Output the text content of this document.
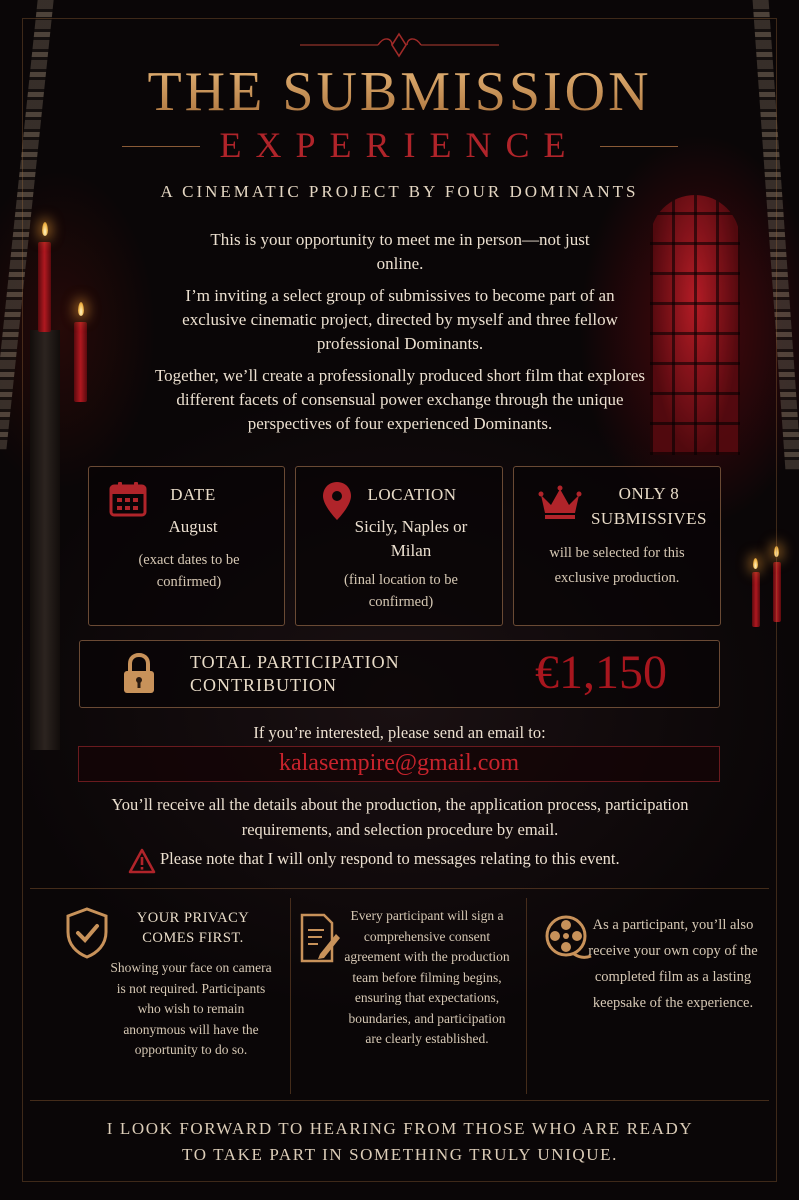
THE SUBMISSION
EXPERIENCE
A CINEMATIC PROJECT BY FOUR DOMINANTS
This is your opportunity to meet me in person—not just online.
I’m inviting a select group of submissives to become part of an exclusive cinematic project, directed by myself and three fellow professional Dominants.
Together, we’ll create a professionally produced short film that explores different facets of consensual power exchange through the unique perspectives of four experienced Dominants.
DATE
August
(exact dates to be confirmed)
LOCATION
Sicily, Naples or Milan
(final location to be confirmed)
ONLY 8 SUBMISSIVES
will be selected for this exclusive production.
TOTAL PARTICIPATION CONTRIBUTION	€1,150
If you’re interested, please send an email to:
kalasempire@gmail.com
You’ll receive all the details about the production, the application process, participation requirements, and selection procedure by email.
Please note that I will only respond to messages relating to this event.
YOUR PRIVACY COMES FIRST.
Showing your face on camera is not required. Participants who wish to remain anonymous will have the opportunity to do so.
Every participant will sign a comprehensive consent agreement with the production team before filming begins, ensuring that expectations, boundaries, and participation are clearly established.
As a participant, you’ll also receive your own copy of the completed film as a lasting keepsake of the experience.
I LOOK FORWARD TO HEARING FROM THOSE WHO ARE READY TO TAKE PART IN SOMETHING TRULY UNIQUE.
